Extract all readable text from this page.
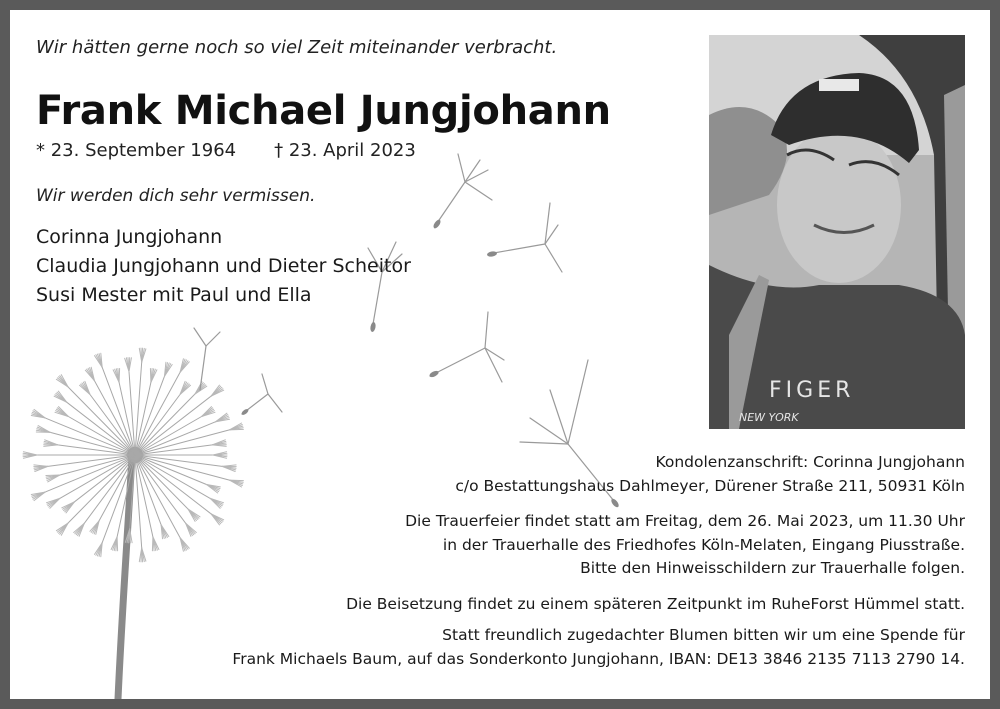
Wir hätten gerne noch so viel Zeit miteinander verbracht.
Frank Michael Jungjohann
* 23. September 1964 † 23. April 2023
Wir werden dich sehr vermissen.
Corinna Jungjohann
Claudia Jungjohann und Dieter Scheitor
Susi Mester mit Paul und Ella
FIGER
NEW YORK
Kondolenzanschrift: Corinna Jungjohann
c/o Bestattungshaus Dahlmeyer, Dürener Straße 211, 50931 Köln
Die Trauerfeier findet statt am Freitag, dem 26. Mai 2023, um 11.30 Uhr
in der Trauerhalle des Friedhofes Köln-Melaten, Eingang Piusstraße.
Bitte den Hinweisschildern zur Trauerhalle folgen.
Die Beisetzung findet zu einem späteren Zeitpunkt im RuheForst Hümmel statt.
Statt freundlich zugedachter Blumen bitten wir um eine Spende für
Frank Michaels Baum, auf das Sonderkonto Jungjohann, IBAN: DE13 3846 2135 7113 2790 14.
